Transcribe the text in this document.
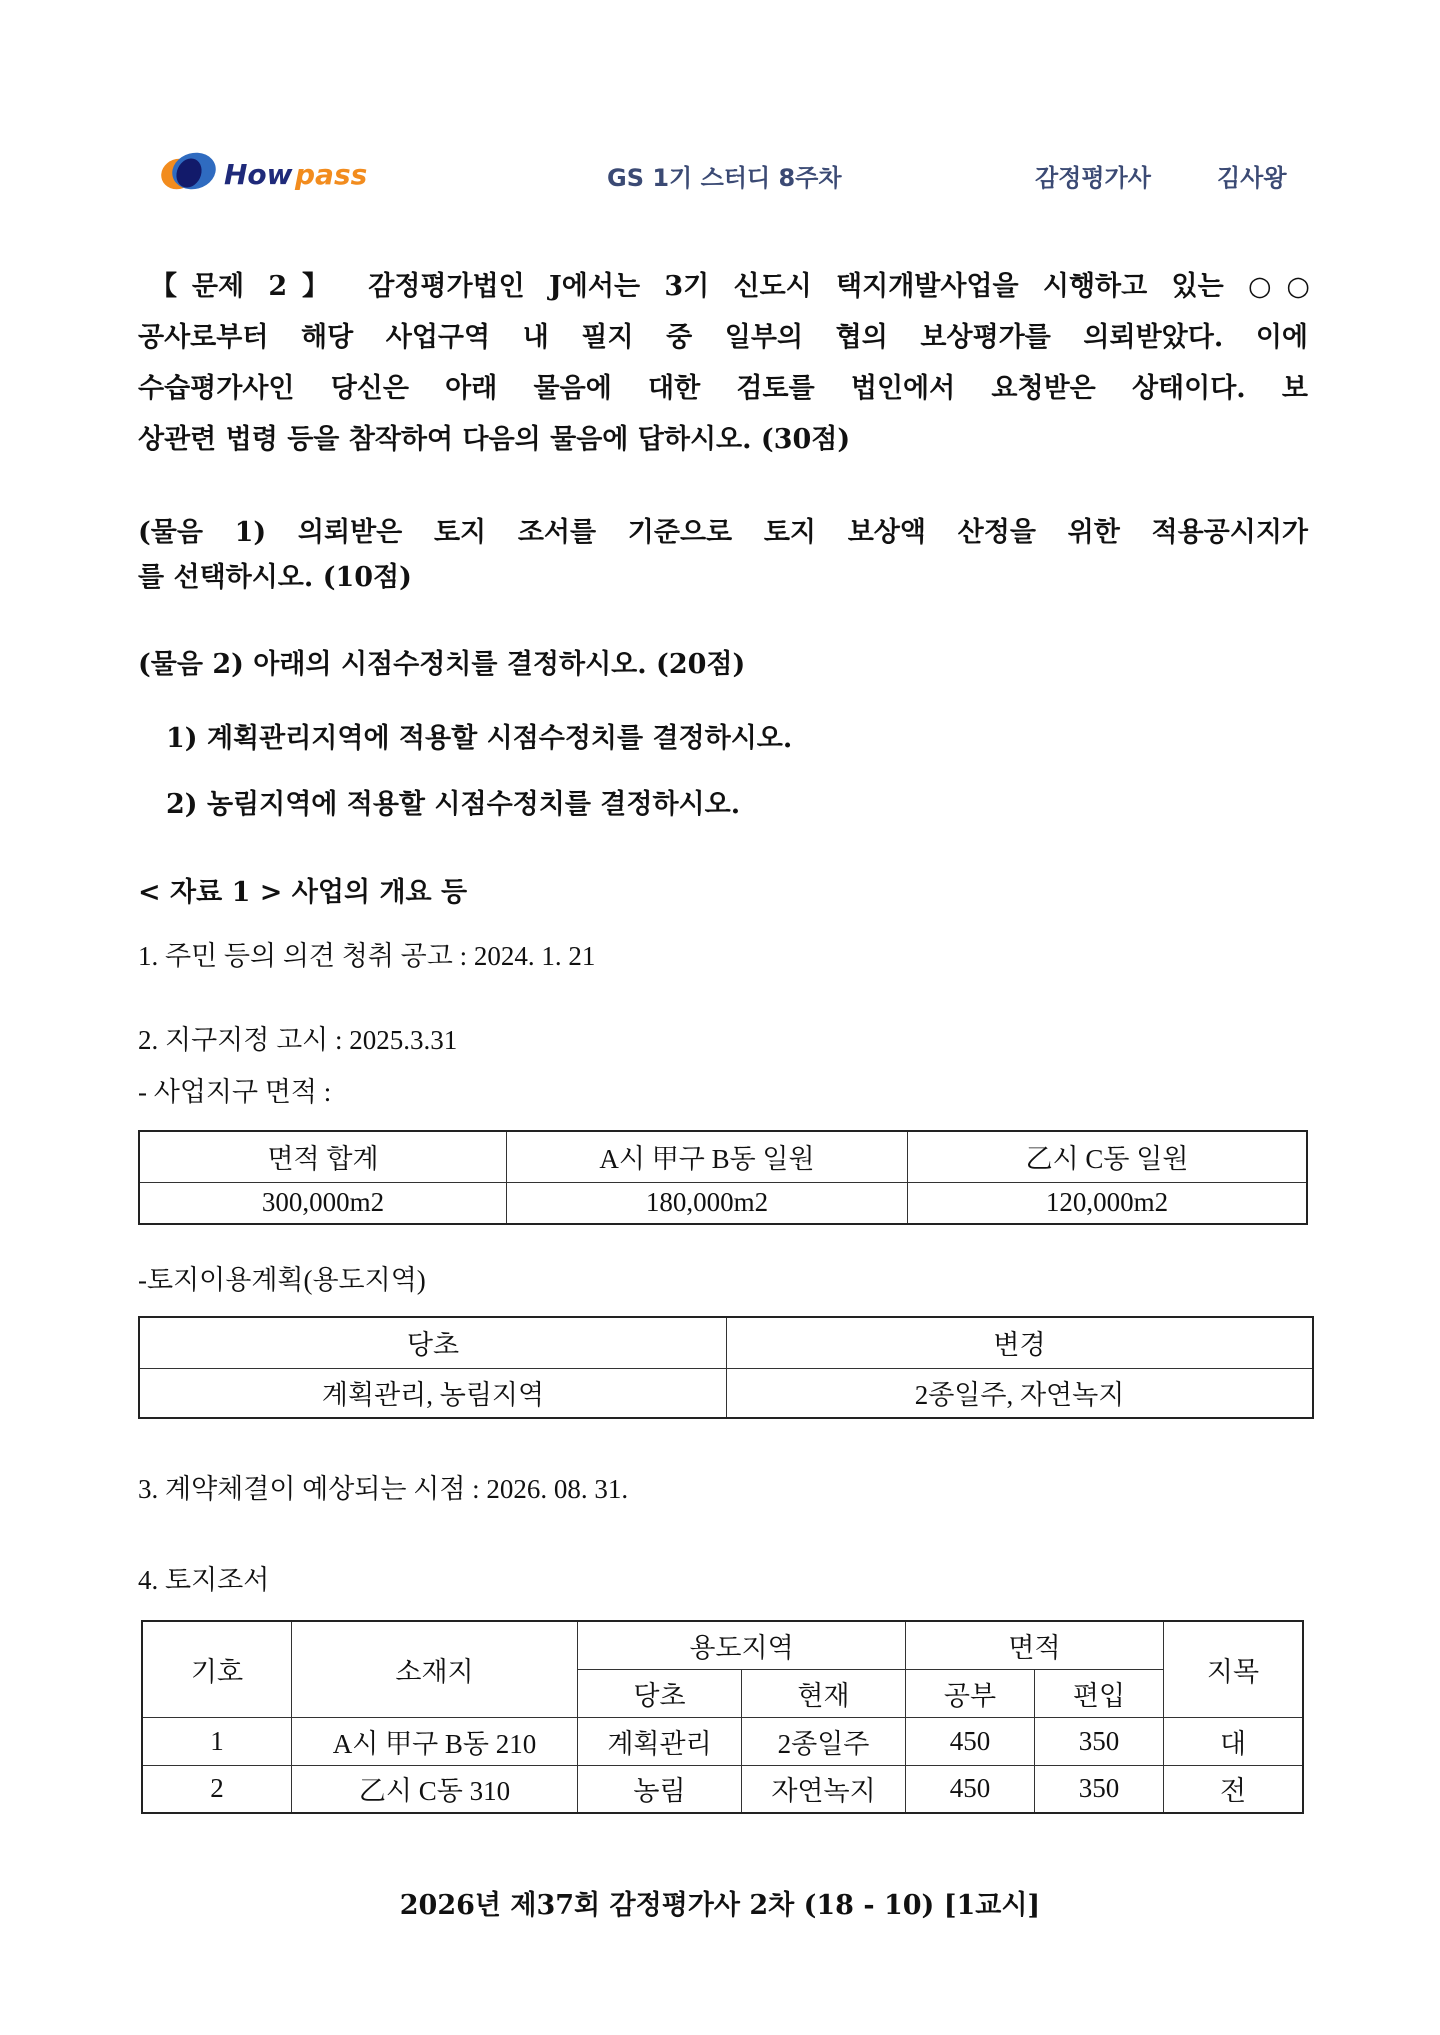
How pass	GS 1기 스터디 8주차	감정평가사	김사왕
【문제 2】 감정평가법인 J에서는 3기 신도시 택지개발사업을 시행하고 있는 ○○
공사로부터 해당 사업구역 내 필지 중 일부의 협의 보상평가를 의뢰받았다. 이에
수습평가사인 당신은 아래 물음에 대한 검토를 법인에서 요청받은 상태이다. 보
상관련 법령 등을 참작하여 다음의 물음에 답하시오. (30점)
(물음 1) 의뢰받은 토지 조서를 기준으로 토지 보상액 산정을 위한 적용공시지가
를 선택하시오. (10점)
(물음 2) 아래의 시점수정치를 결정하시오. (20점)
1) 계획관리지역에 적용할 시점수정치를 결정하시오.
2) 농림지역에 적용할 시점수정치를 결정하시오.
< 자료 1 > 사업의 개요 등
1. 주민 등의 의견 청취 공고 : 2024. 1. 21
2. 지구지정 고시 : 2025.3.31
- 사업지구 면적 :
면적 합계	A시 甲구 B동 일원	乙시 C동 일원
300,000m2	180,000m2	120,000m2
-토지이용계획(용도지역)
당초	변경
계획관리, 농림지역	2종일주, 자연녹지
3. 계약체결이 예상되는 시점 : 2026. 08. 31.
4. 토지조서
기호	소재지	용도지역		면적		지목
		당초	현재	공부	편입	
1	A시 甲구 B동 210	계획관리	2종일주	450	350	대
2	乙시 C동 310	농림	자연녹지	450	350	전
2026년 제37회 감정평가사 2차 (18 - 10) [1교시]
